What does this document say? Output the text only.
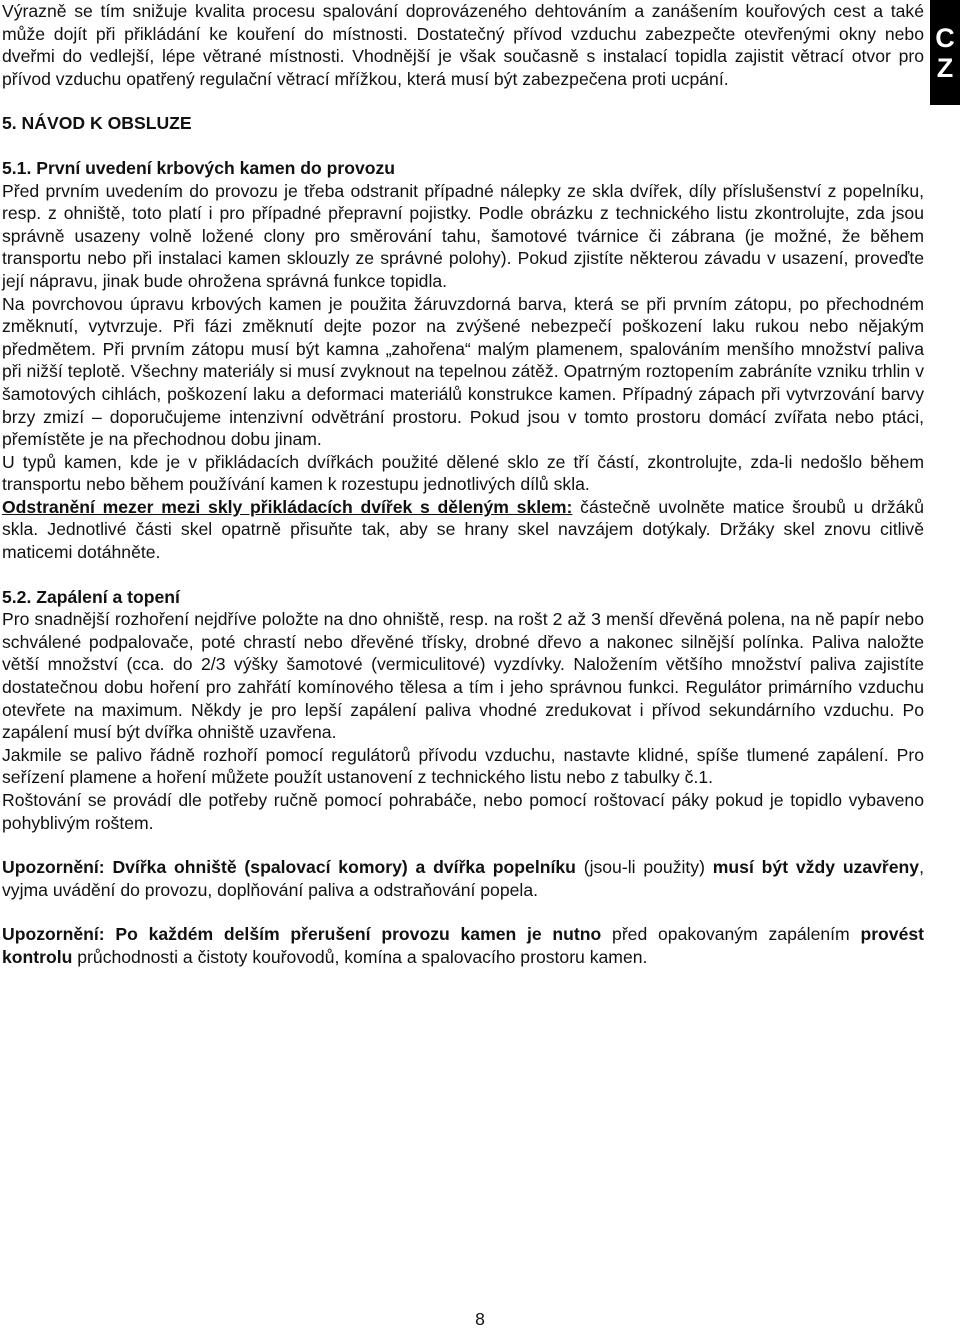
C
Z

Výrazně se tím snižuje kvalita procesu spalování doprovázeného dehtováním a zanášením kouřových cest a také může dojít při přikládání ke kouření do místnosti. Dostatečný přívod vzduchu zabezpečte otevřenými okny nebo dveřmi do vedlejší, lépe větrané místnosti. Vhodnější je však současně s instalací topidla zajistit větrací otvor pro přívod vzduchu opatřený regulační větrací mřížkou, která musí být zabezpečena proti ucpání.

5. NÁVOD K OBSLUZE
5.1. První uvedení krbových kamen do provozu

Před prvním uvedením do provozu je třeba odstranit případné nálepky ze skla dvířek, díly příslušenství z popelníku, resp. z ohniště, toto platí i pro případné přepravní pojistky. Podle obrázku z technického listu zkontrolujte, zda jsou správně usazeny volně ložené clony pro směrování tahu, šamotové tvárnice či zábrana (je možné, že během transportu nebo při instalaci kamen sklouzly ze správné polohy). Pokud zjistíte některou závadu v usazení, proveďte její nápravu, jinak bude ohrožena správná funkce topidla.

Na povrchovou úpravu krbových kamen je použita žáruvzdorná barva, která se při prvním zátopu, po přechodném změknutí, vytvrzuje. Při fázi změknutí dejte pozor na zvýšené nebezpečí poškození laku rukou nebo nějakým předmětem. Při prvním zátopu musí být kamna „zahořena“ malým plamenem, spalováním menšího množství paliva při nižší teplotě. Všechny materiály si musí zvyknout na tepelnou zátěž. Opatrným roztopením zabráníte vzniku trhlin v šamotových cihlách, poškození laku a deformaci materiálů konstrukce kamen. Případný zápach při vytvrzování barvy brzy zmizí – doporučujeme intenzivní odvětrání prostoru. Pokud jsou v tomto prostoru domácí zvířata nebo ptáci, přemístěte je na přechodnou dobu jinam.

U typů kamen, kde je v přikládacích dvířkách použité dělené sklo ze tří částí, zkontrolujte, zda-li nedošlo během transportu nebo během používání kamen k rozestupu jednotlivých dílů skla.

Odstranění mezer mezi skly přikládacích dvířek s děleným sklem: částečně uvolněte matice šroubů u držáků skla. Jednotlivé části skel opatrně přisuňte tak, aby se hrany skel navzájem dotýkaly. Držáky skel znovu citlivě maticemi dotáhněte.

5.2. Zapálení a topení

Pro snadnější rozhoření nejdříve položte na dno ohniště, resp. na rošt 2 až 3 menší dřevěná polena, na ně papír nebo schválené podpalovače, poté chrastí nebo dřevěné třísky, drobné dřevo a nakonec silnější polínka. Paliva naložte větší množství (cca. do 2/3 výšky šamotové (vermiculitové) vyzdívky. Naložením většího množství paliva zajistíte dostatečnou dobu hoření pro zahřátí komínového tělesa a tím i jeho správnou funkci. Regulátor primárního vzduchu otevřete na maximum. Někdy je pro lepší zapálení paliva vhodné zredukovat i přívod sekundárního vzduchu. Po zapálení musí být dvířka ohniště uzavřena.

Jakmile se palivo řádně rozhoří pomocí regulátorů přívodu vzduchu, nastavte klidné, spíše tlumené zapálení. Pro seřízení plamene a hoření můžete použít ustanovení z technického listu nebo z tabulky č.1.

Roštování se provádí dle potřeby ručně pomocí pohrabáče, nebo pomocí roštovací páky pokud je topidlo vybaveno pohyblivým roštem.

Upozornění: Dvířka ohniště (spalovací komory) a dvířka popelníku (jsou-li použity) musí být vždy uzavřeny, vyjma uvádění do provozu, doplňování paliva a odstraňování popela.

Upozornění: Po každém delším přerušení provozu kamen je nutno před opakovaným zapálením provést kontrolu průchodnosti a čistoty kouřovodů, komína a spalovacího prostoru kamen.

8
